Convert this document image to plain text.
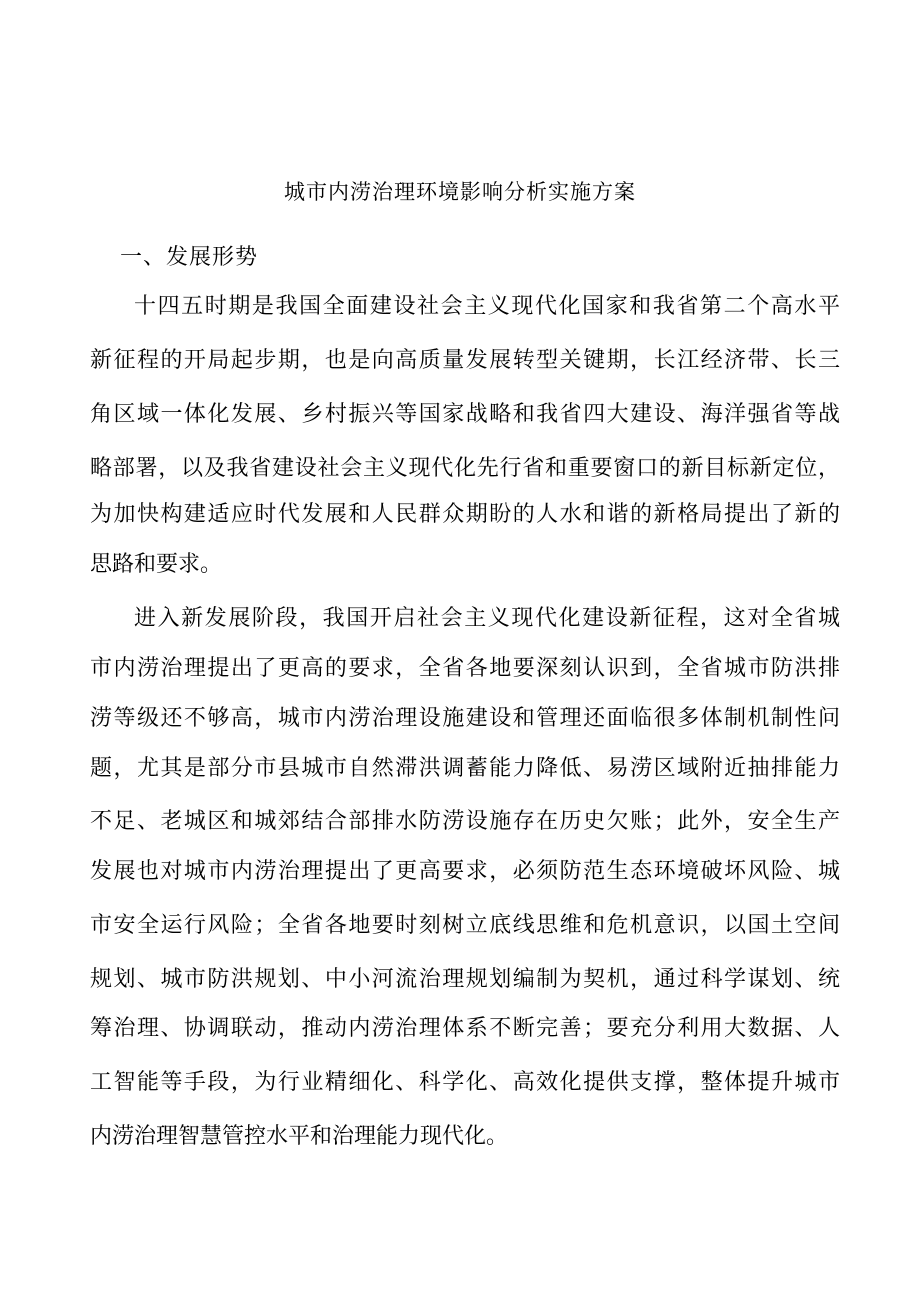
城市内涝治理环境影响分析实施方案
一、发展形势
十四五时期是我国全面建设社会主义现代化国家和我省第二个高水平
新征程的开局起步期，也是向高质量发展转型关键期，长江经济带、长三
角区域一体化发展、乡村振兴等国家战略和我省四大建设、海洋强省等战
略部署，以及我省建设社会主义现代化先行省和重要窗口的新目标新定位，
为加快构建适应时代发展和人民群众期盼的人水和谐的新格局提出了新的
思路和要求。
进入新发展阶段，我国开启社会主义现代化建设新征程，这对全省城
市内涝治理提出了更高的要求，全省各地要深刻认识到，全省城市防洪排
涝等级还不够高，城市内涝治理设施建设和管理还面临很多体制机制性问
题，尤其是部分市县城市自然滞洪调蓄能力降低、易涝区域附近抽排能力
不足、老城区和城郊结合部排水防涝设施存在历史欠账；此外，安全生产
发展也对城市内涝治理提出了更高要求，必须防范生态环境破坏风险、城
市安全运行风险；全省各地要时刻树立底线思维和危机意识，以国土空间
规划、城市防洪规划、中小河流治理规划编制为契机，通过科学谋划、统
筹治理、协调联动，推动内涝治理体系不断完善；要充分利用大数据、人
工智能等手段，为行业精细化、科学化、高效化提供支撑，整体提升城市
内涝治理智慧管控水平和治理能力现代化。
